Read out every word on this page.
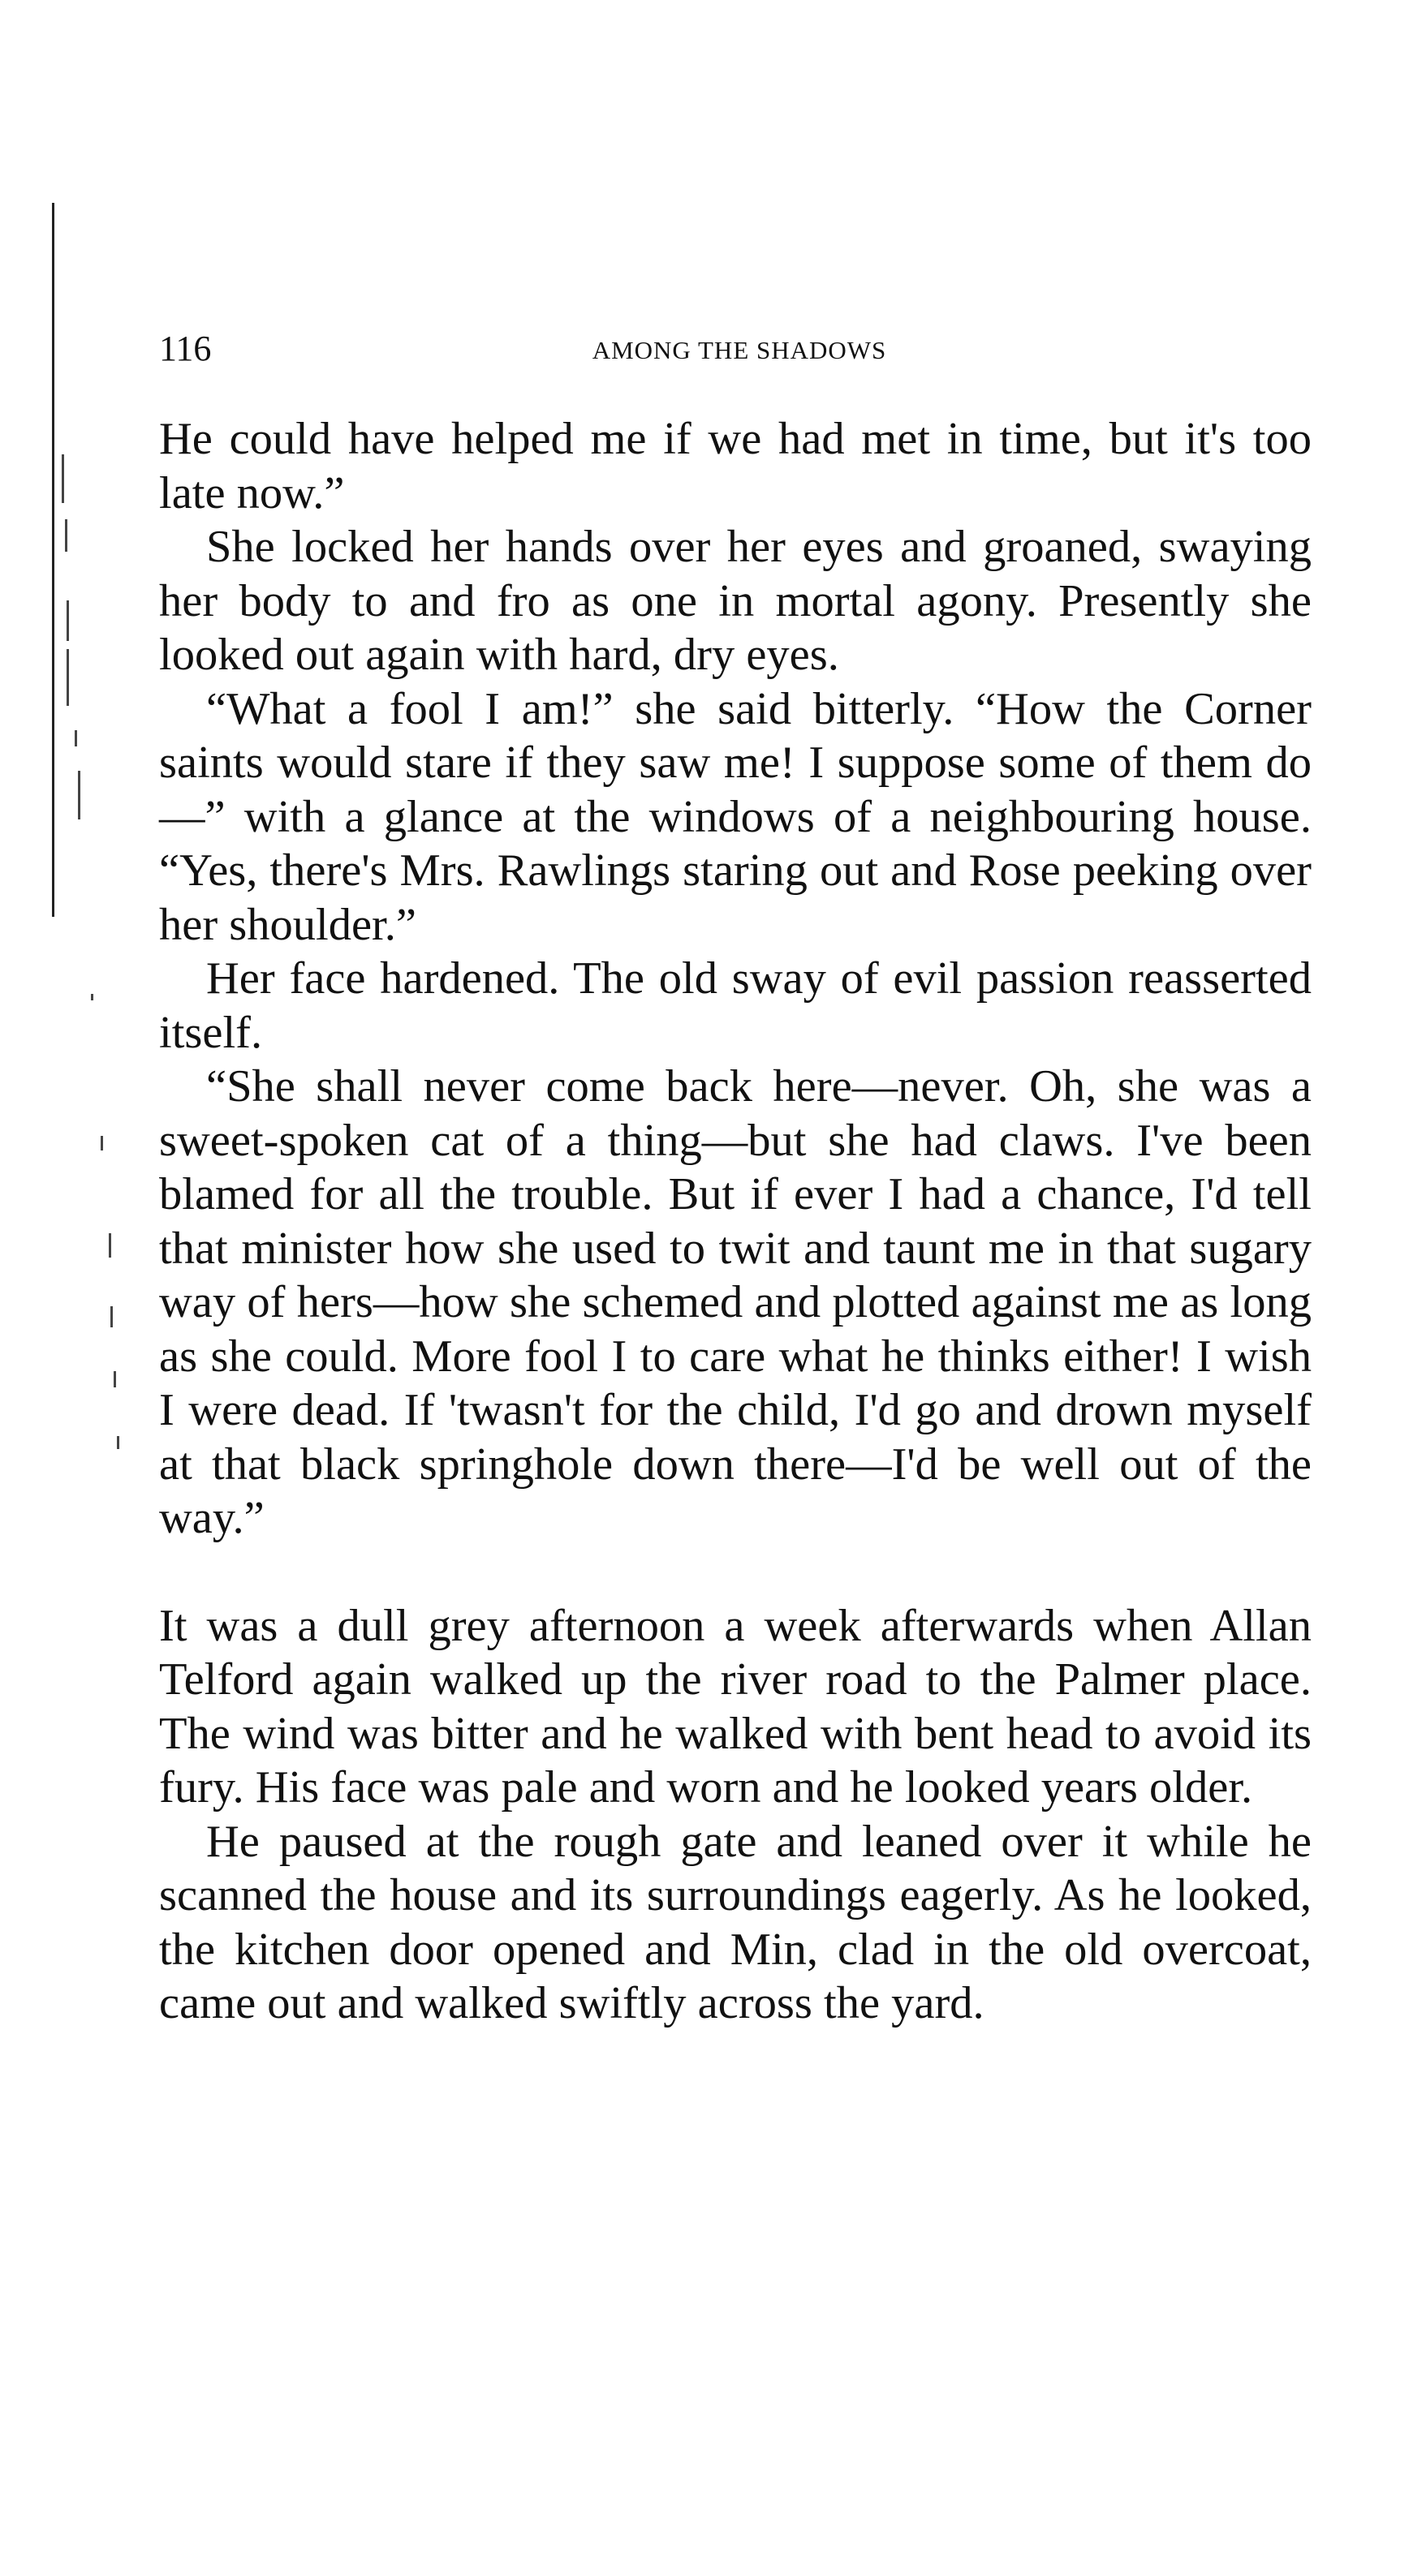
116	AMONG THE SHADOWS

He could have helped me if we had met in time, but it's too late now.”

She locked her hands over her eyes and groaned, swaying her body to and fro as one in mortal agony. Presently she looked out again with hard, dry eyes.

“What a fool I am!” she said bitterly. “How the Corner saints would stare if they saw me! I suppose some of them do—” with a glance at the windows of a neighbouring house. “Yes, there's Mrs. Rawlings staring out and Rose peeking over her shoulder.”

Her face hardened. The old sway of evil passion reasserted itself.

“She shall never come back here—never. Oh, she was a sweet-spoken cat of a thing—but she had claws. I've been blamed for all the trouble. But if ever I had a chance, I'd tell that minister how she used to twit and taunt me in that sugary way of hers—how she schemed and plotted against me as long as she could. More fool I to care what he thinks either! I wish I were dead. If 'twasn't for the child, I'd go and drown myself at that black springhole down there—I'd be well out of the way.”

It was a dull grey afternoon a week afterwards when Allan Telford again walked up the river road to the Palmer place. The wind was bitter and he walked with bent head to avoid its fury. His face was pale and worn and he looked years older.

He paused at the rough gate and leaned over it while he scanned the house and its surroundings eagerly. As he looked, the kitchen door opened and Min, clad in the old overcoat, came out and walked swiftly across the yard.
